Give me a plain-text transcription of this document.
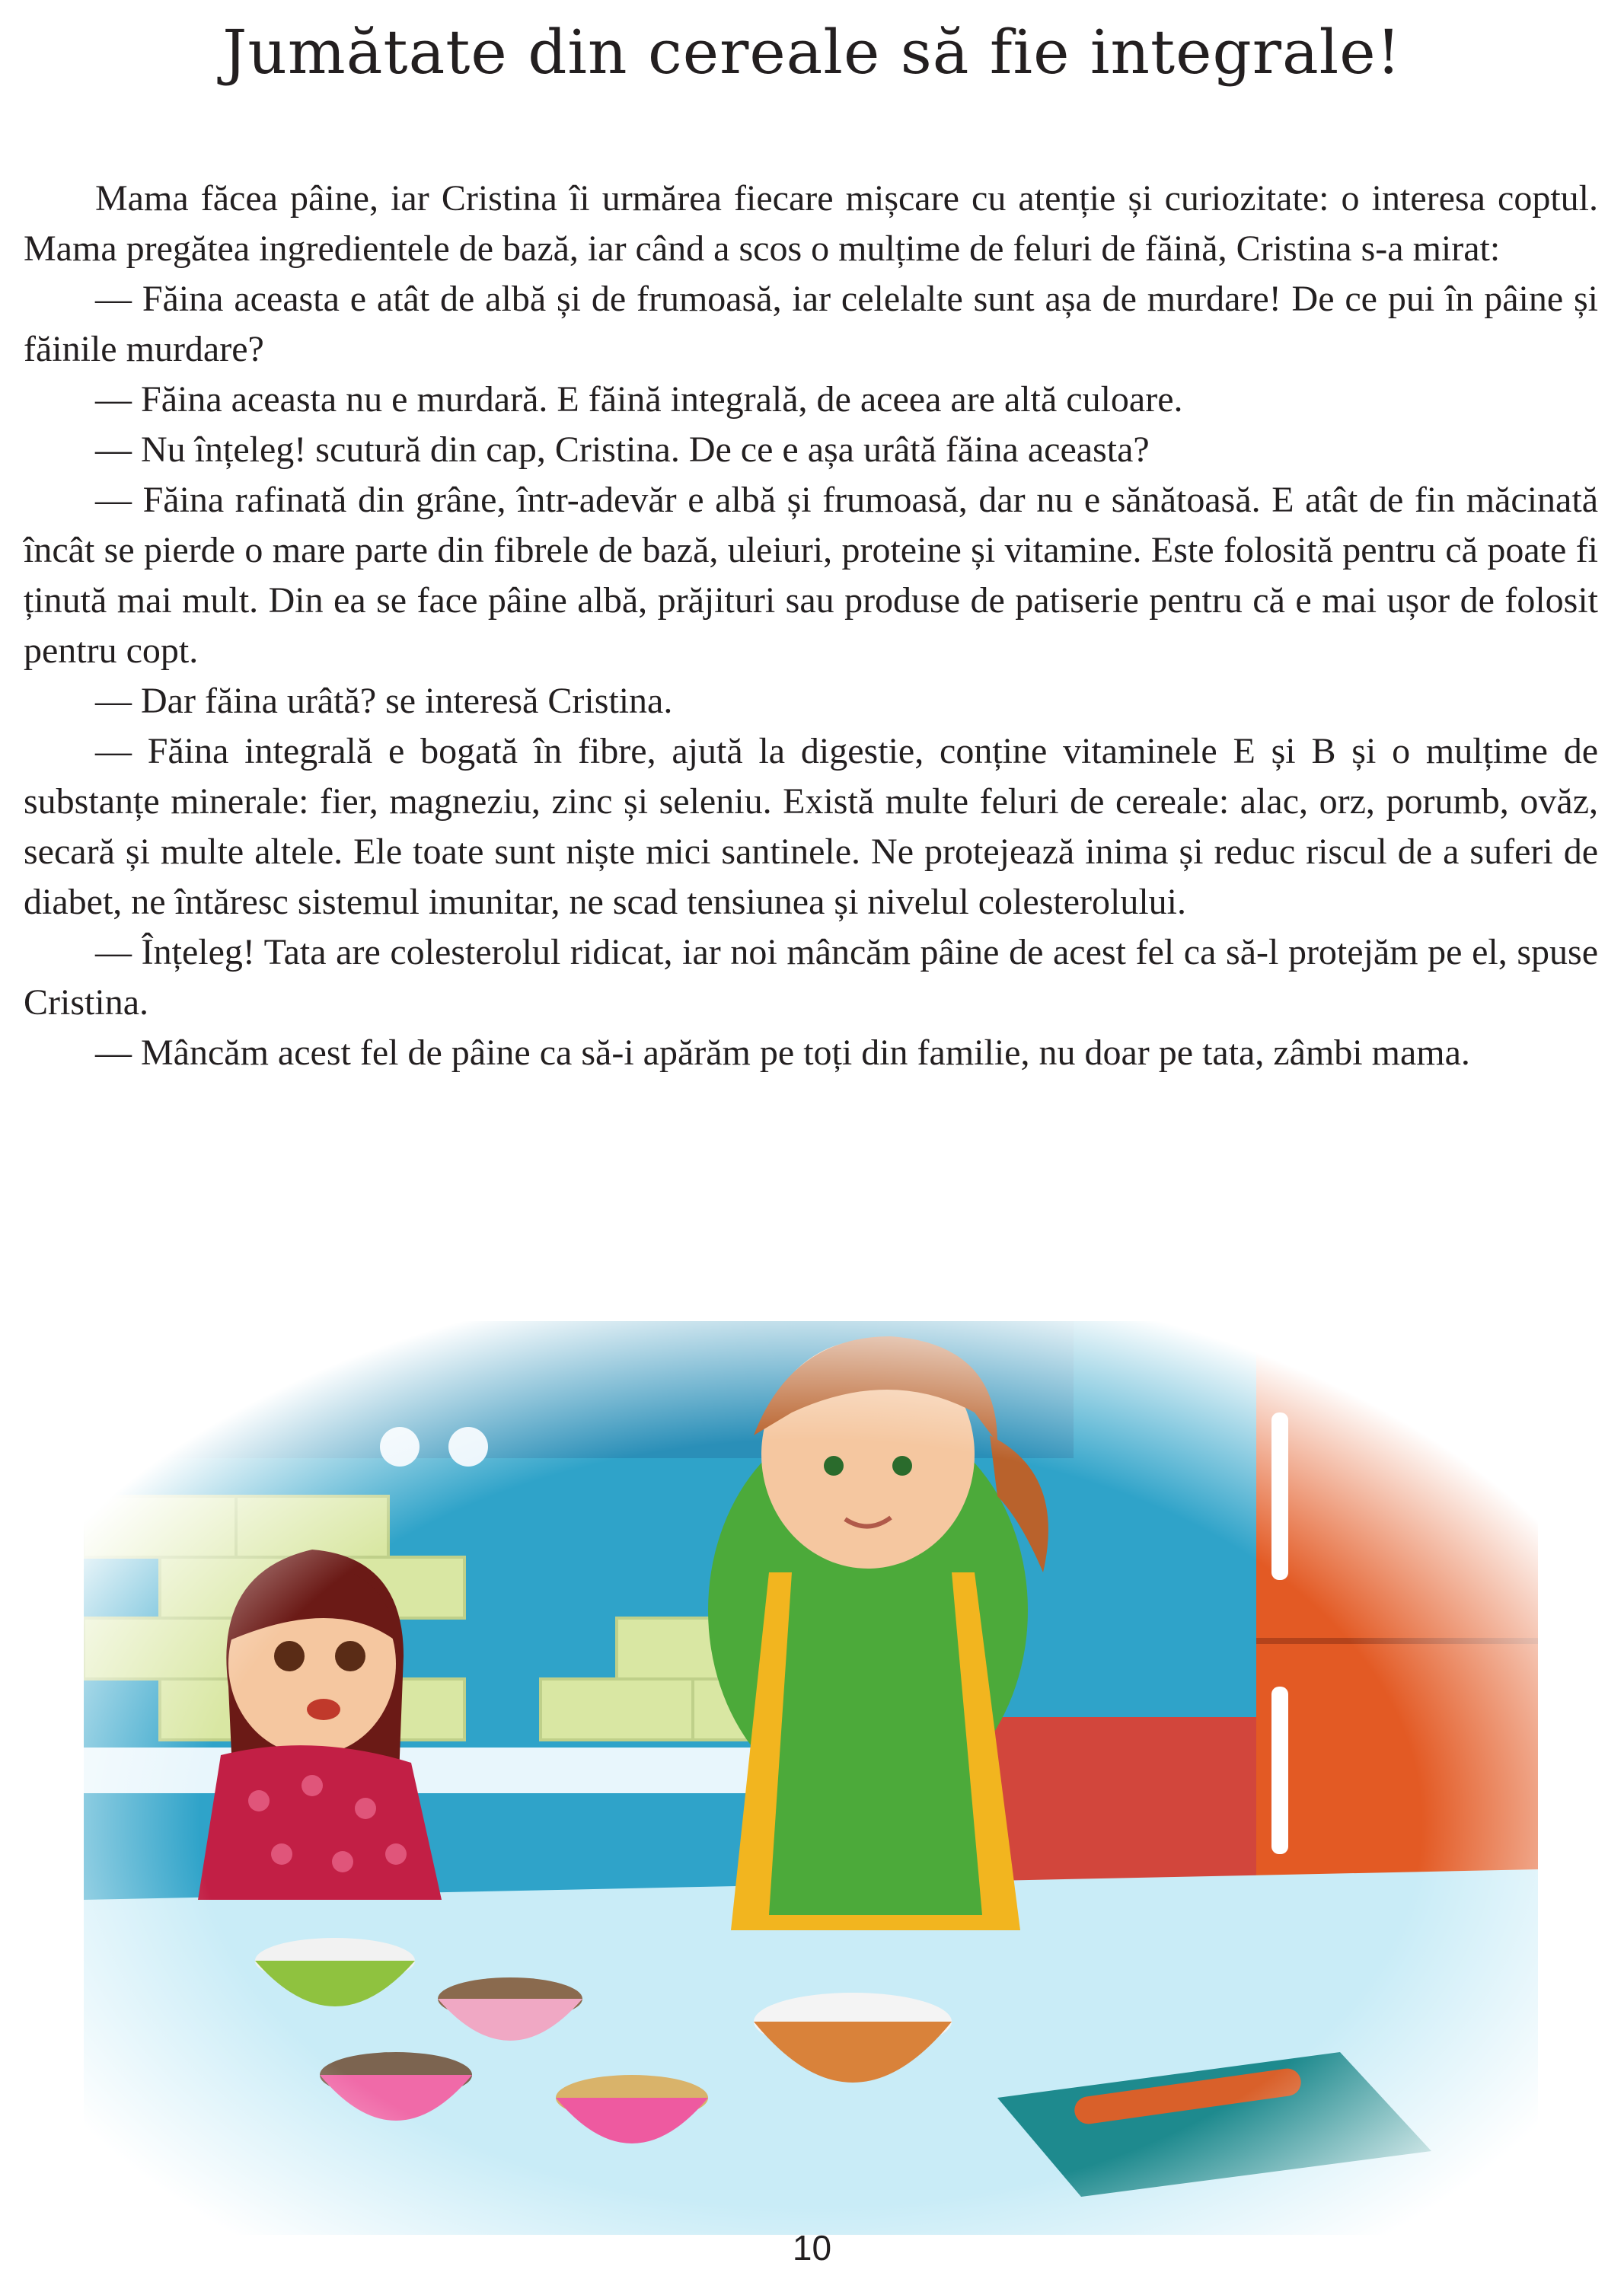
Jumătate din cereale să fie integrale!

Mama făcea pâine, iar Cristina îi urmărea fiecare mișcare cu atenție și curiozitate: o interesa coptul. Mama pregătea ingredientele de bază, iar când a scos o mulțime de feluri de făină, Cristina s-a mirat:

— Făina aceasta e atât de albă și de frumoasă, iar celelalte sunt așa de murdare! De ce pui în pâine și făinile murdare?

— Făina aceasta nu e murdară. E făină integrală, de aceea are altă culoare.

— Nu înțeleg! scutură din cap, Cristina. De ce e așa urâtă făina aceasta?

— Făina rafinată din grâne, într-adevăr e albă și frumoasă, dar nu e sănătoasă. E atât de fin măcinată încât se pierde o mare parte din fibrele de bază, uleiuri, proteine și vitamine. Este folosită pentru că poate fi ținută mai mult. Din ea se face pâine albă, prăjituri sau produse de patiserie pentru că e mai ușor de folosit pentru copt.

— Dar făina urâtă? se interesă Cristina.

— Făina integrală e bogată în fibre, ajută la digestie, conține vitaminele E și B și o mulțime de substanțe minerale: fier, magneziu, zinc și seleniu. Există multe feluri de cereale: alac, orz, porumb, ovăz, secară și multe altele. Ele toate sunt niște mici santinele. Ne protejează inima și reduc riscul de a suferi de diabet, ne întăresc sistemul imunitar, ne scad tensiunea și nivelul colesterolului.

— Înțeleg! Tata are colesterolul ridicat, iar noi mâncăm pâine de acest fel ca să-l protejăm pe el, spuse Cristina.

— Mâncăm acest fel de pâine ca să-i apărăm pe toți din familie, nu doar pe tata, zâmbi mama.

10
